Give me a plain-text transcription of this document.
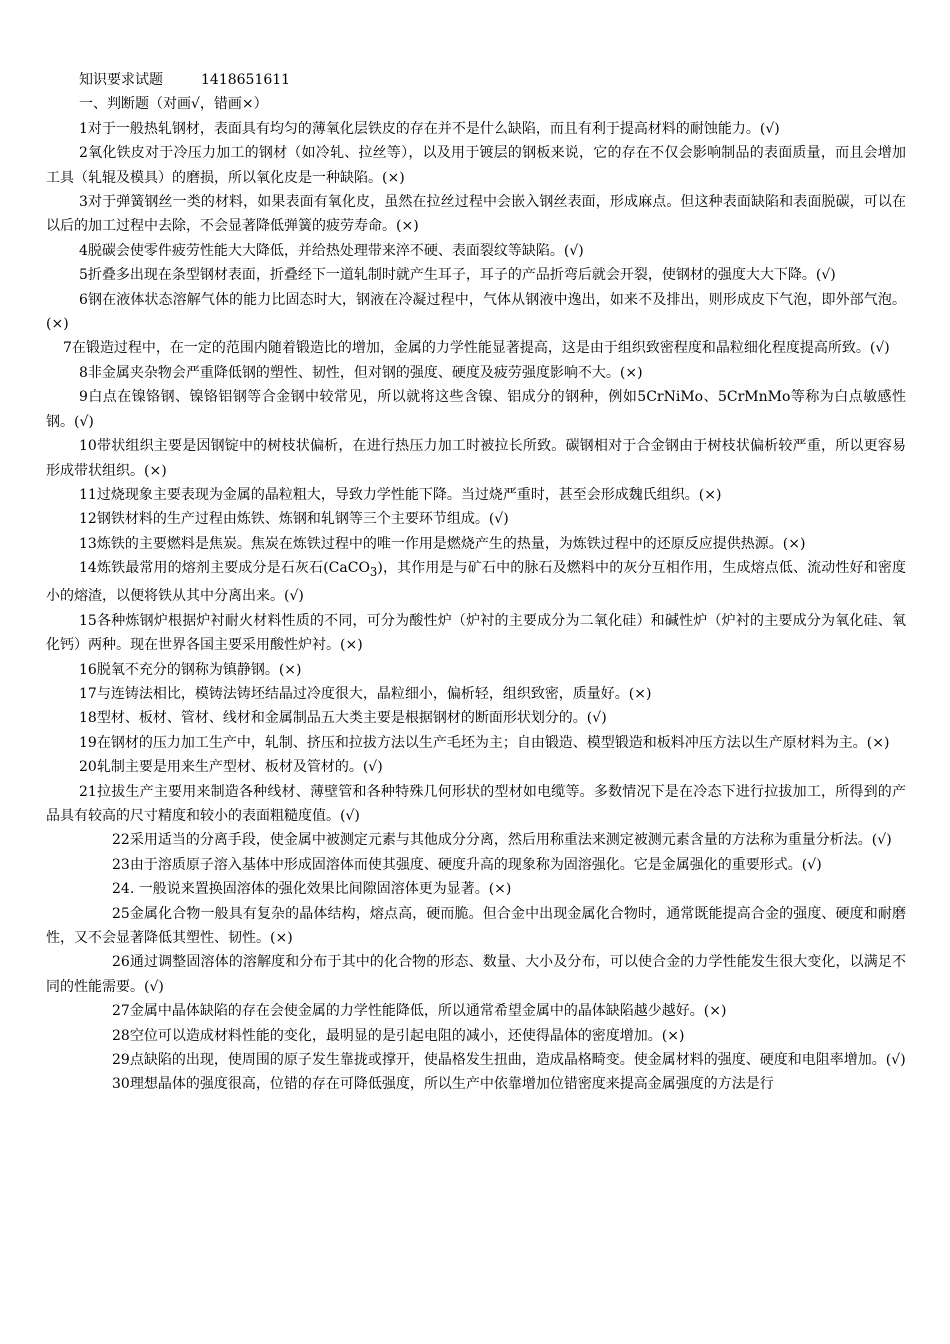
知识要求试题	1418651611

一、判断题（对画√，错画×）

1对于一般热轧钢材，表面具有均匀的薄氧化层铁皮的存在并不是什么缺陷，而且有利于提高材料的耐蚀能力。(√)

2氧化铁皮对于冷压力加工的钢材（如冷轧、拉丝等），以及用于镀层的钢板来说，它的存在不仅会影响制品的表面质量，而且会增加工具（轧辊及模具）的磨损，所以氧化皮是一种缺陷。(×)

3对于弹簧钢丝一类的材料，如果表面有氧化皮，虽然在拉丝过程中会嵌入钢丝表面，形成麻点。但这种表面缺陷和表面脱碳，可以在以后的加工过程中去除，不会显著降低弹簧的疲劳寿命。(×)

4脱碳会使零件疲劳性能大大降低，并给热处理带来淬不硬、表面裂纹等缺陷。(√)

5折叠多出现在条型钢材表面，折叠经下一道轧制时就产生耳子，耳子的产品折弯后就会开裂，使钢材的强度大大下降。(√)

6钢在液体状态溶解气体的能力比固态时大，钢液在冷凝过程中，气体从钢液中逸出，如来不及排出，则形成皮下气泡，即外部气泡。(×)

7在锻造过程中，在一定的范围内随着锻造比的增加，金属的力学性能显著提高，这是由于组织致密程度和晶粒细化程度提高所致。(√)

8非金属夹杂物会严重降低钢的塑性、韧性，但对钢的强度、硬度及疲劳强度影响不大。(×)

9白点在镍铬钢、镍铬铝钢等合金钢中较常见，所以就将这些含镍、铝成分的钢种，例如5CrNiMo、5CrMnMo等称为白点敏感性钢。(√)

10带状组织主要是因钢锭中的树枝状偏析，在进行热压力加工时被拉长所致。碳钢相对于合金钢由于树枝状偏析较严重，所以更容易形成带状组织。(×)

11过烧现象主要表现为金属的晶粒粗大，导致力学性能下降。当过烧严重时，甚至会形成魏氏组织。(×)

12钢铁材料的生产过程由炼铁、炼钢和轧钢等三个主要环节组成。(√)

13炼铁的主要燃料是焦炭。焦炭在炼铁过程中的唯一作用是燃烧产生的热量，为炼铁过程中的还原反应提供热源。(×)

14炼铁最常用的熔剂主要成分是石灰石(CaCO$_3$)，其作用是与矿石中的脉石及燃料中的灰分互相作用，生成熔点低、流动性好和密度小的熔渣，以便将铁从其中分离出来。(√)

15各种炼钢炉根据炉衬耐火材料性质的不同，可分为酸性炉（炉衬的主要成分为二氧化硅）和碱性炉（炉衬的主要成分为氧化硅、氧化钙）两种。现在世界各国主要采用酸性炉衬。(×)

16脱氧不充分的钢称为镇静钢。(×)

17与连铸法相比，模铸法铸坯结晶过冷度很大，晶粒细小，偏析轻，组织致密，质量好。(×)

18型材、板材、管材、线材和金属制品五大类主要是根据钢材的断面形状划分的。(√)

19在钢材的压力加工生产中，轧制、挤压和拉拔方法以生产毛坯为主；自由锻造、模型锻造和板料冲压方法以生产原材料为主。(×)

20轧制主要是用来生产型材、板材及管材的。(√)

21拉拔生产主要用来制造各种线材、薄壁管和各种特殊几何形状的型材如电缆等。多数情况下是在冷态下进行拉拔加工，所得到的产品具有较高的尺寸精度和较小的表面粗糙度值。(√)

22采用适当的分离手段，使金属中被测定元素与其他成分分离，然后用称重法来测定被测元素含量的方法称为重量分析法。(√)

23由于溶质原子溶入基体中形成固溶体而使其强度、硬度升高的现象称为固溶强化。它是金属强化的重要形式。(√)

24. 一般说来置换固溶体的强化效果比间隙固溶体更为显著。(×)

25金属化合物一般具有复杂的晶体结构，熔点高，硬而脆。但合金中出现金属化合物时，通常既能提高合金的强度、硬度和耐磨性，又不会显著降低其塑性、韧性。(×)

26通过调整固溶体的溶解度和分布于其中的化合物的形态、数量、大小及分布，可以使合金的力学性能发生很大变化，以满足不同的性能需要。(√)

27金属中晶体缺陷的存在会使金属的力学性能降低，所以通常希望金属中的晶体缺陷越少越好。(×)

28空位可以造成材料性能的变化，最明显的是引起电阻的减小，还使得晶体的密度增加。(×)

29点缺陷的出现，使周围的原子发生靠拢或撑开，使晶格发生扭曲，造成晶格畸变。使金属材料的强度、硬度和电阻率增加。(√)

30理想晶体的强度很高，位错的存在可降低强度，所以生产中依靠增加位错密度来提高金属强度的方法是行
